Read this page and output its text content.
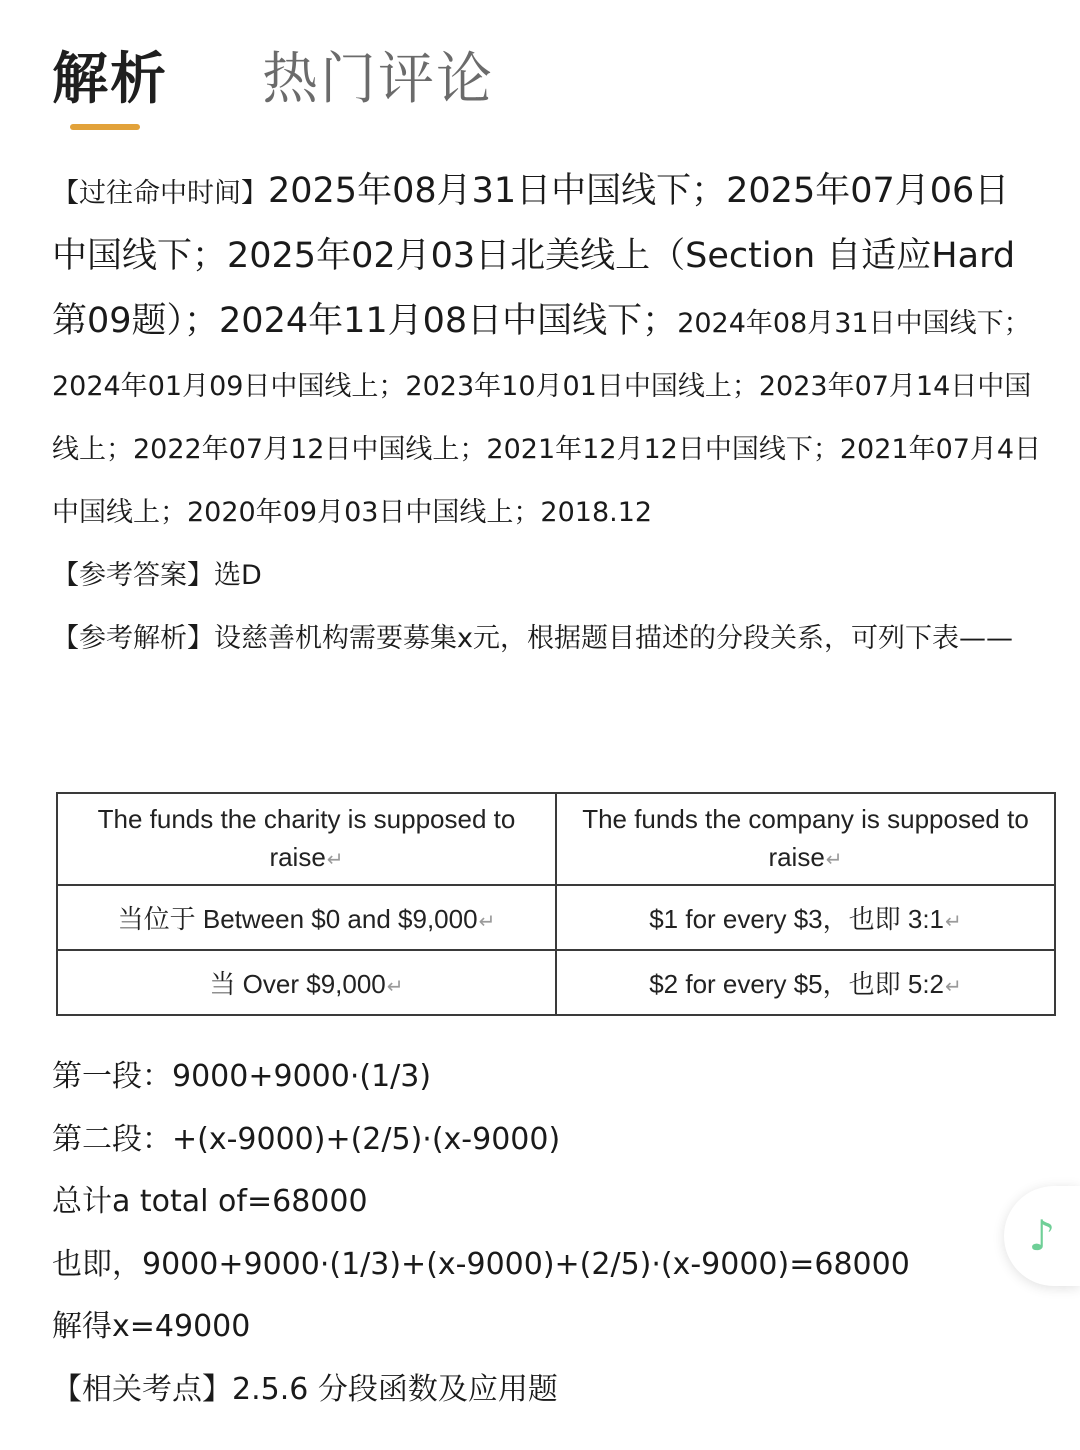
解析 热门评论

【过往命中时间】2025年08月31日中国线下；2025年07月06日中国线下；2025年02月03日北美线上（Section 自适应Hard第09题）；2024年11月08日中国线下；2024年08月31日中国线下；2024年01月09日中国线上；2023年10月01日中国线上；2023年07月14日中国线上；2022年07月12日中国线上；2021年12月12日中国线下；2021年07月4日中国线上；2020年09月03日中国线上；2018.12

【参考答案】选D

【参考解析】设慈善机构需要募集x元，根据题目描述的分段关系，可列下表——

The funds the charity is supposed to raise↵	The funds the company is supposed to raise↵
当位于 Between $0 and $9,000↵	$1 for every $3，也即 3:1↵
当 Over $9,000↵	$2 for every $5，也即 5:2↵
第一段：9000+9000·(1/3)
第二段：+(x-9000)+(2/5)·(x-9000)
总计a total of=68000
也即，9000+9000·(1/3)+(x-9000)+(2/5)·(x-9000)=68000
解得x=49000
【相关考点】2.5.6 分段函数及应用题
♪
